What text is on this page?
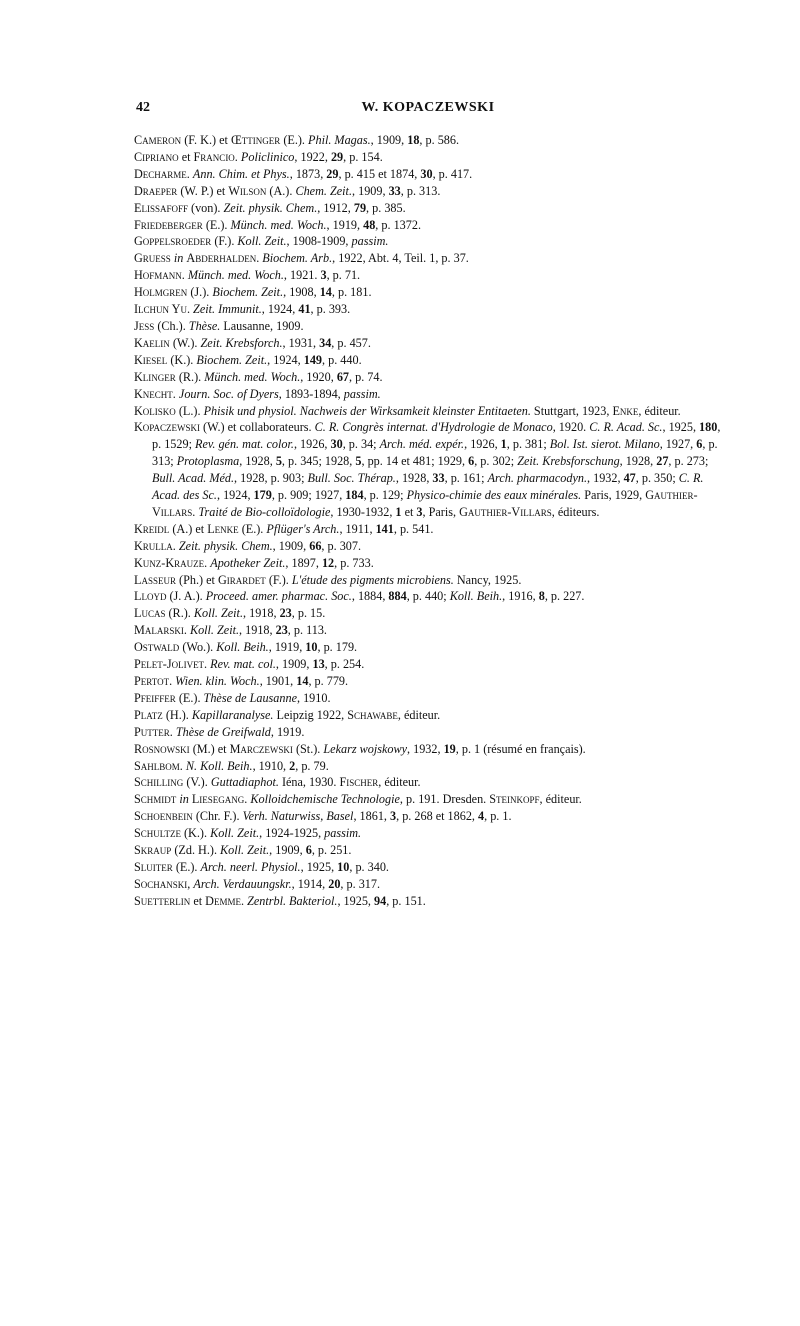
42	W. KOPACZEWSKI

Cameron (F. K.) et Œttinger (E.). Phil. Magas., 1909, 18, p. 586.

Cipriano et Francio. Policlinico, 1922, 29, p. 154.

Decharme. Ann. Chim. et Phys., 1873, 29, p. 415 et 1874, 30, p. 417.

Draeper (W. P.) et Wilson (A.). Chem. Zeit., 1909, 33, p. 313.

Elissafoff (von). Zeit. physik. Chem., 1912, 79, p. 385.

Friedeberger (E.). Münch. med. Woch., 1919, 48, p. 1372.

Goppelsroeder (F.). Koll. Zeit., 1908-1909, passim.

Gruess in Abderhalden. Biochem. Arb., 1922, Abt. 4, Teil. 1, p. 37.

Hofmann. Münch. med. Woch., 1921. 3, p. 71.

Holmgren (J.). Biochem. Zeit., 1908, 14, p. 181.

Ilchun Yu. Zeit. Immunit., 1924, 41, p. 393.

Jess (Ch.). Thèse. Lausanne, 1909.

Kaelin (W.). Zeit. Krebsforch., 1931, 34, p. 457.

Kiesel (K.). Biochem. Zeit., 1924, 149, p. 440.

Klinger (R.). Münch. med. Woch., 1920, 67, p. 74.

Knecht. Journ. Soc. of Dyers, 1893-1894, passim.

Kolisko (L.). Phisik und physiol. Nachweis der Wirksamkeit kleinster Entitaeten. Stuttgart, 1923, Enke, éditeur.

Kopaczewski (W.) et collaborateurs. C. R. Congrès internat. d'Hydrologie de Monaco, 1920. C. R. Acad. Sc., 1925, 180, p. 1529; Rev. gén. mat. color., 1926, 30, p. 34; Arch. méd. expér., 1926, 1, p. 381; Bol. Ist. sierot. Milano, 1927, 6, p. 313; Protoplasma, 1928, 5, p. 345; 1928, 5, pp. 14 et 481; 1929, 6, p. 302; Zeit. Krebsforschung, 1928, 27, p. 273; Bull. Acad. Méd., 1928, p. 903; Bull. Soc. Thérap., 1928, 33, p. 161; Arch. pharmacodyn., 1932, 47, p. 350; C. R. Acad. des Sc., 1924, 179, p. 909; 1927, 184, p. 129; Physico-chimie des eaux minérales. Paris, 1929, Gauthier-Villars. Traité de Bio-colloïdologie, 1930-1932, 1 et 3, Paris, Gauthier-Villars, éditeurs.

Kreidl (A.) et Lenke (E.). Pflüger's Arch., 1911, 141, p. 541.

Krulla. Zeit. physik. Chem., 1909, 66, p. 307.

Kunz-Krauze. Apotheker Zeit., 1897, 12, p. 733.

Lasseur (Ph.) et Girardet (F.). L'étude des pigments microbiens. Nancy, 1925.

Lloyd (J. A.). Proceed. amer. pharmac. Soc., 1884, 884, p. 440; Koll. Beih., 1916, 8, p. 227.

Lucas (R.). Koll. Zeit., 1918, 23, p. 15.

Malarski. Koll. Zeit., 1918, 23, p. 113.

Ostwald (Wo.). Koll. Beih., 1919, 10, p. 179.

Pelet-Jolivet. Rev. mat. col., 1909, 13, p. 254.

Pertot. Wien. klin. Woch., 1901, 14, p. 779.

Pfeiffer (E.). Thèse de Lausanne, 1910.

Platz (H.). Kapillaranalyse. Leipzig 1922, Schawabe, éditeur.

Putter. Thèse de Greifwald, 1919.

Rosnowski (M.) et Marczewski (St.). Lekarz wojskowy, 1932, 19, p. 1 (résumé en français).

Sahlbom. N. Koll. Beih., 1910, 2, p. 79.

Schilling (V.). Guttadiaphot. Iéna, 1930. Fischer, éditeur.

Schmidt in Liesegang. Kolloidchemische Technologie, p. 191. Dresden. Steinkopf, éditeur.

Schoenbein (Chr. F.). Verh. Naturwiss, Basel, 1861, 3, p. 268 et 1862, 4, p. 1.

Schultze (K.). Koll. Zeit., 1924-1925, passim.

Skraup (Zd. H.). Koll. Zeit., 1909, 6, p. 251.

Sluiter (E.). Arch. neerl. Physiol., 1925, 10, p. 340.

Sochanski, Arch. Verdauungskr., 1914, 20, p. 317.

Suetterlin et Demme. Zentrbl. Bakteriol., 1925, 94, p. 151.
